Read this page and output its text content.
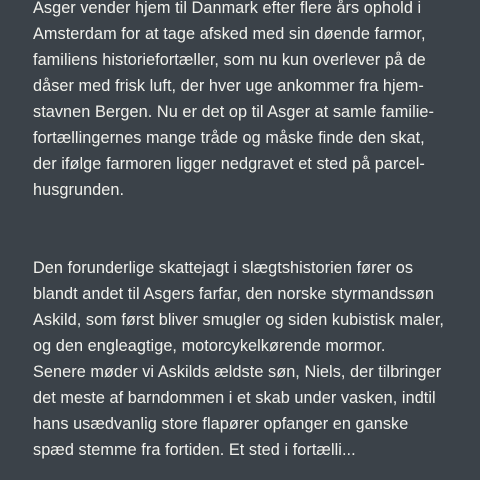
Asger vender hjem til Danmark efter flere års ophold i
Amsterdam for at tage afsked med sin døende farmor,
familiens historiefortæller, som nu kun overlever på de
dåser med frisk luft, der hver uge ankommer fra hjem-
stavnen Bergen. Nu er det op til Asger at samle familie-
fortællingernes mange tråde og måske finde den skat,
der ifølge farmoren ligger nedgravet et sted på parcel-
husgrunden.
Den forunderlige skattejagt i slægtshistorien fører os
blandt andet til Asgers farfar, den norske styrmandssøn
Askild, som først bliver smugler og siden kubistisk maler,
og den engleagtige, motorcykelkørende mormor.
Senere møder vi Askilds ældste søn, Niels, der tilbringer
det meste af barndommen i et skab under vasken, indtil
hans usædvanlig store flapører opfanger en ganske
spæd stemme fra fortiden. Et sted i fortælli...
